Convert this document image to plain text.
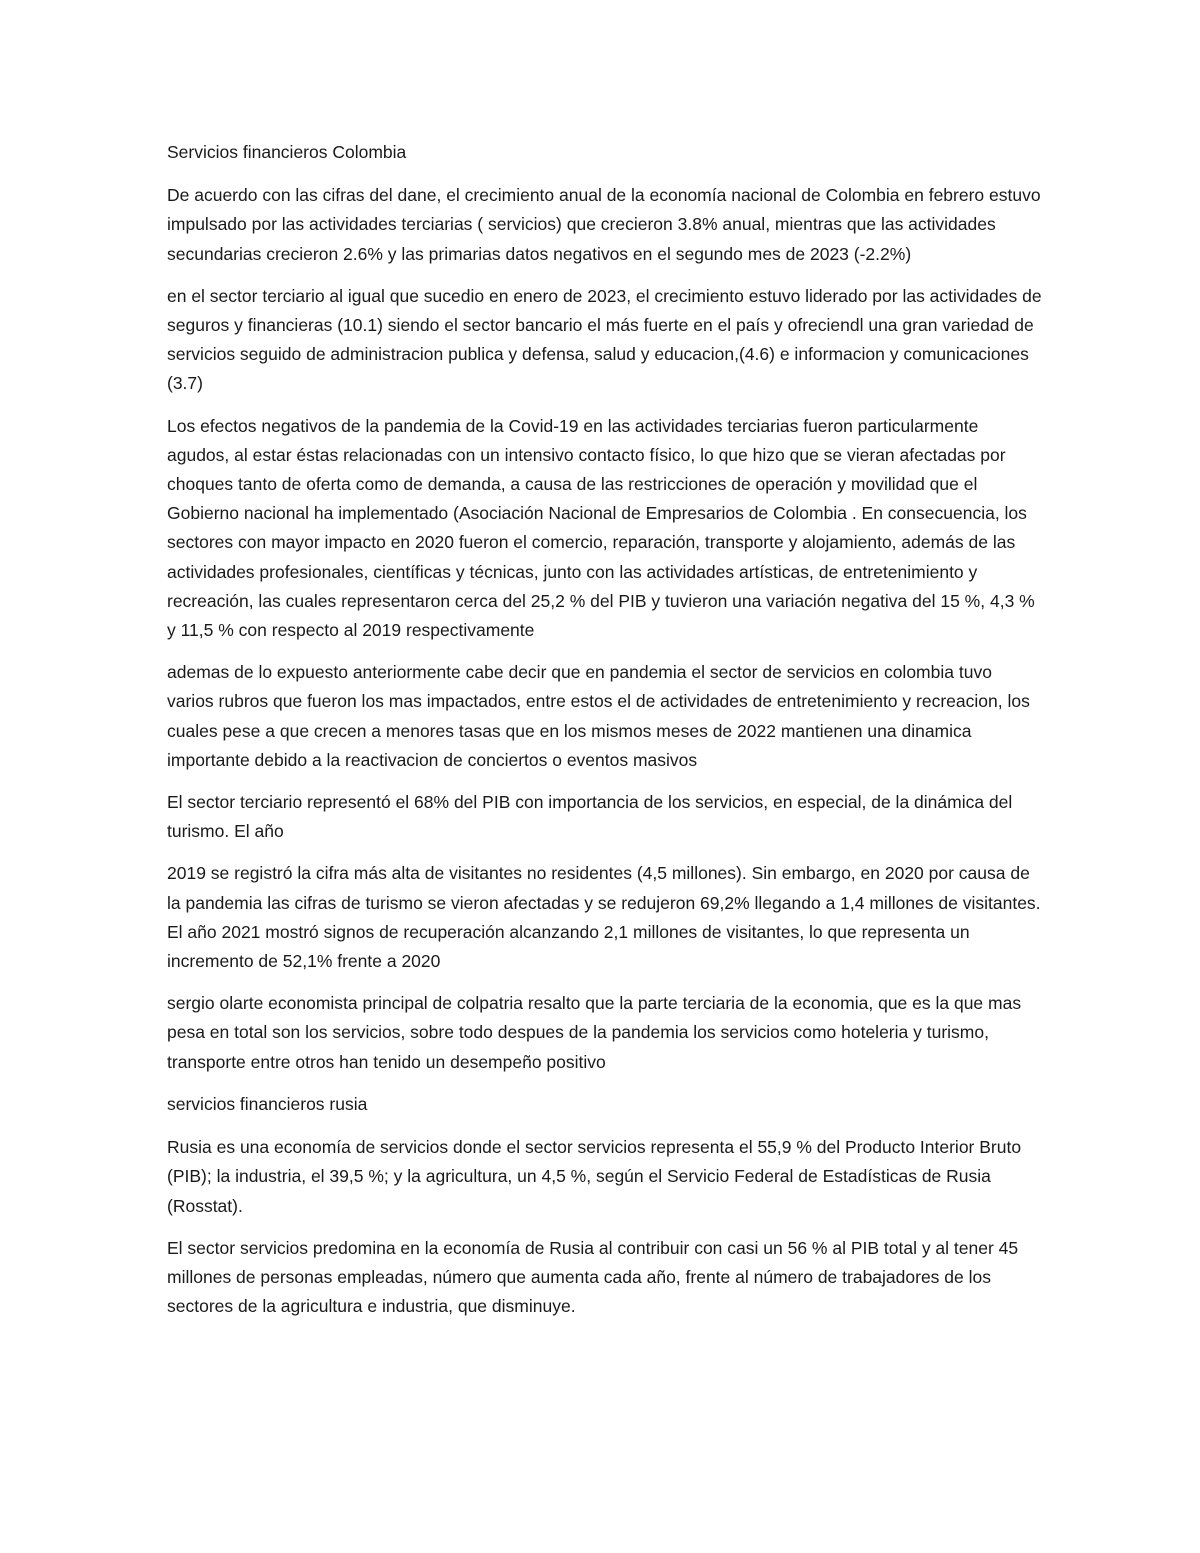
Servicios financieros Colombia

De acuerdo con las cifras del dane, el crecimiento anual de la economía nacional de Colombia en febrero estuvo impulsado por las actividades terciarias ( servicios) que crecieron 3.8% anual, mientras que las actividades secundarias crecieron 2.6% y las primarias datos negativos en el segundo mes de 2023 (-2.2%)

en el sector terciario al igual que sucedio en enero de 2023, el crecimiento estuvo liderado por las actividades de seguros y financieras (10.1) siendo el sector bancario el más fuerte en el país y ofreciendl una gran variedad de servicios seguido de administracion publica y defensa, salud y educacion,(4.6) e informacion y comunicaciones (3.7)

Los efectos negativos de la pandemia de la Covid-19 en las actividades terciarias fueron particularmente agudos, al estar éstas relacionadas con un intensivo contacto físico, lo que hizo que se vieran afectadas por choques tanto de oferta como de demanda, a causa de las restricciones de operación y movilidad que el Gobierno nacional ha implementado (Asociación Nacional de Empresarios de Colombia . En consecuencia, los sectores con mayor impacto en 2020 fueron el comercio, reparación, transporte y alojamiento, además de las actividades profesionales, científicas y técnicas, junto con las actividades artísticas, de entretenimiento y recreación, las cuales representaron cerca del 25,2 % del PIB y tuvieron una variación negativa del 15 %, 4,3 % y 11,5 % con respecto al 2019 respectivamente

ademas de lo expuesto anteriormente cabe decir que en pandemia el sector de servicios en colombia tuvo varios rubros que fueron los mas impactados, entre estos el de actividades de entretenimiento y recreacion, los cuales pese a que crecen a menores tasas que en los mismos meses de 2022 mantienen una dinamica importante debido a la reactivacion de conciertos o eventos masivos

El sector terciario representó el 68% del PIB con importancia de los servicios, en especial, de la dinámica del turismo. El año

2019 se registró la cifra más alta de visitantes no residentes (4,5 millones). Sin embargo, en 2020 por causa de la pandemia las cifras de turismo se vieron afectadas y se redujeron 69,2% llegando a 1,4 millones de visitantes. El año 2021 mostró signos de recuperación alcanzando 2,1 millones de visitantes, lo que representa un incremento de 52,1% frente a 2020

sergio olarte economista principal de colpatria resalto que la parte terciaria de la economia, que es la que mas pesa en total son los servicios, sobre todo despues de la pandemia los servicios como hoteleria y turismo, transporte entre otros han tenido un desempeño positivo

servicios financieros rusia

Rusia es una economía de servicios donde el sector servicios representa el 55,9 % del Producto Interior Bruto (PIB); la industria, el 39,5 %; y la agricultura, un 4,5 %, según el Servicio Federal de Estadísticas de Rusia (Rosstat).

El sector servicios predomina en la economía de Rusia al contribuir con casi un 56 % al PIB total y al tener 45 millones de personas empleadas, número que aumenta cada año, frente al número de trabajadores de los sectores de la agricultura e industria, que disminuye.
